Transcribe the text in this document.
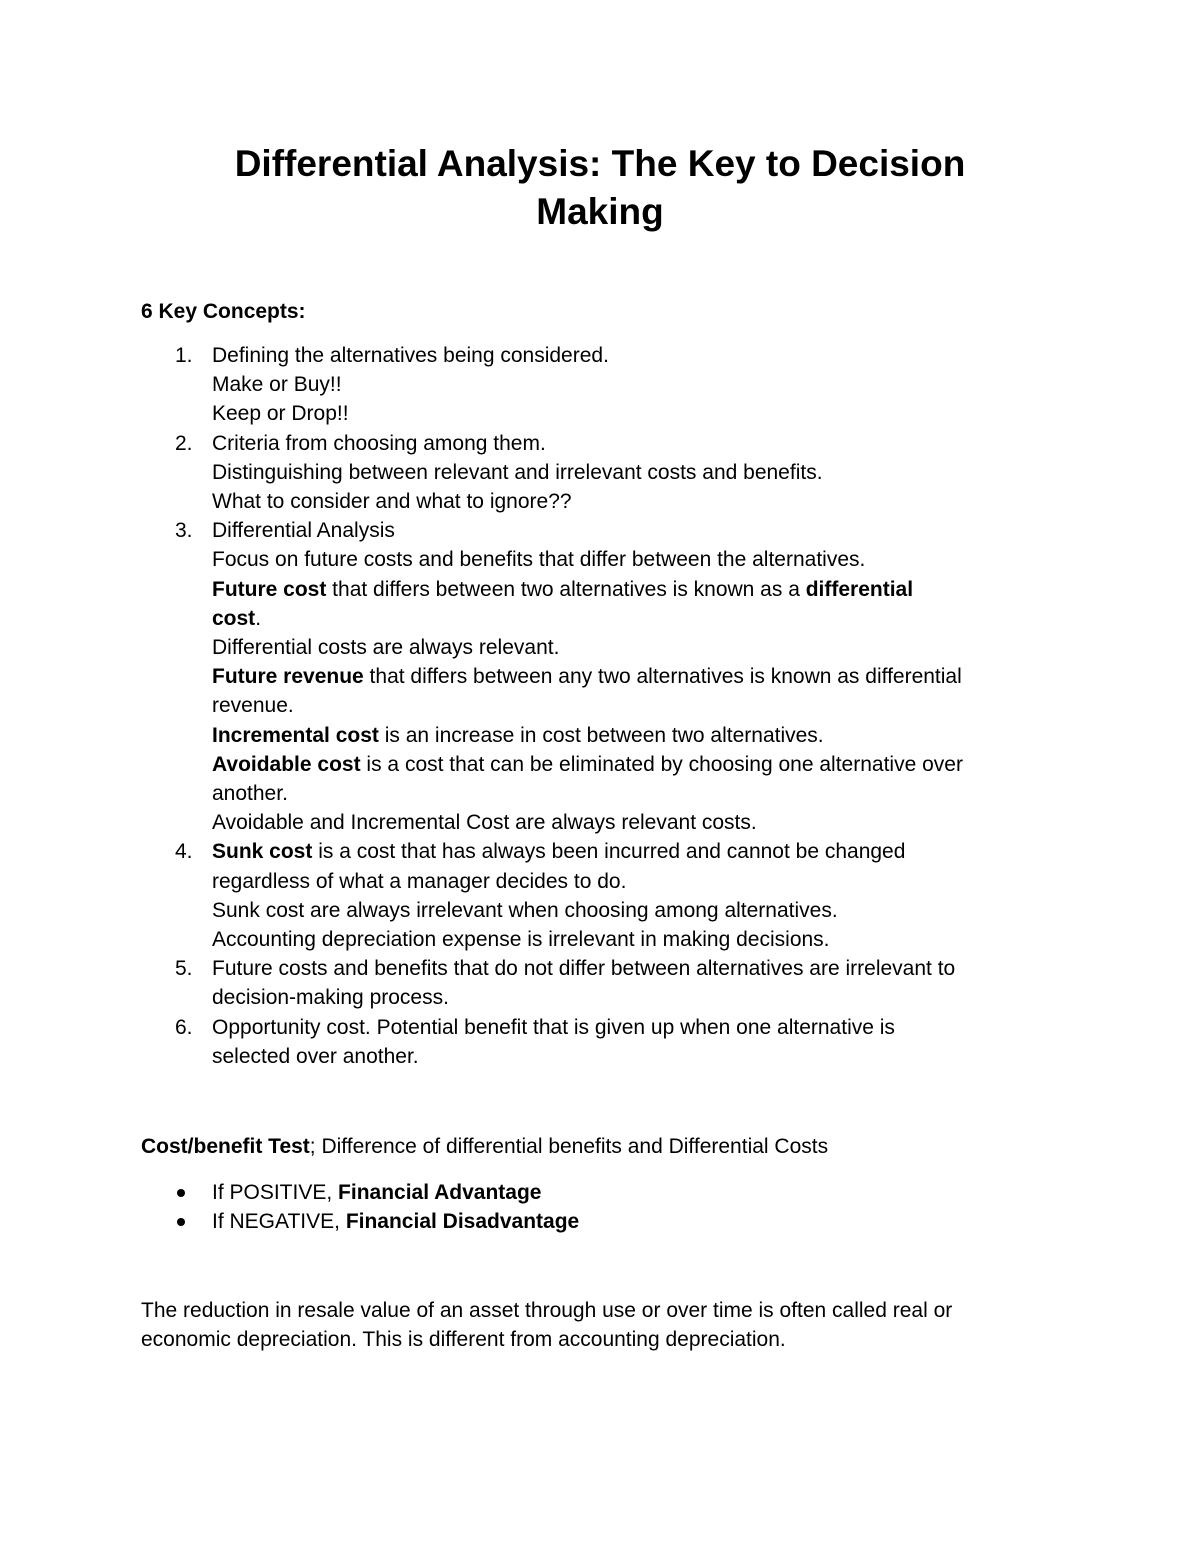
Differential Analysis: The Key to Decision
Making

6 Key Concepts:

1. Defining the alternatives being considered.
Make or Buy!!
Keep or Drop!!
2. Criteria from choosing among them.
Distinguishing between relevant and irrelevant costs and benefits.
What to consider and what to ignore??
3. Differential Analysis
Focus on future costs and benefits that differ between the alternatives.
Future cost that differs between two alternatives is known as a differential
cost.
Differential costs are always relevant.
Future revenue that differs between any two alternatives is known as differential
revenue.
Incremental cost is an increase in cost between two alternatives.
Avoidable cost is a cost that can be eliminated by choosing one alternative over
another.
Avoidable and Incremental Cost are always relevant costs.
4. Sunk cost is a cost that has always been incurred and cannot be changed
regardless of what a manager decides to do.
Sunk cost are always irrelevant when choosing among alternatives.
Accounting depreciation expense is irrelevant in making decisions.
5. Future costs and benefits that do not differ between alternatives are irrelevant to
decision-making process.
6. Opportunity cost. Potential benefit that is given up when one alternative is
selected over another.

Cost/benefit Test; Difference of differential benefits and Differential Costs

If POSITIVE, Financial Advantage
If NEGATIVE, Financial Disadvantage

The reduction in resale value of an asset through use or over time is often called real or
economic depreciation. This is different from accounting depreciation.
